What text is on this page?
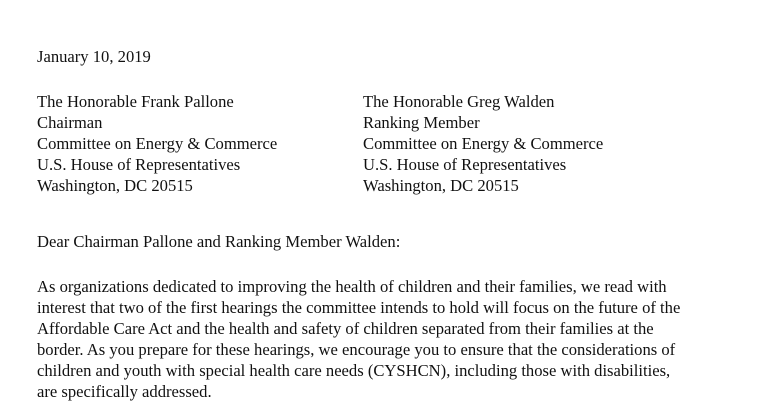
January 10, 2019
The Honorable Frank Pallone
Chairman
Committee on Energy & Commerce
U.S. House of Representatives
Washington, DC 20515
The Honorable Greg Walden
Ranking Member
Committee on Energy & Commerce
U.S. House of Representatives
Washington, DC 20515
Dear Chairman Pallone and Ranking Member Walden:
As organizations dedicated to improving the health of children and their families, we read with
interest that two of the first hearings the committee intends to hold will focus on the future of the
Affordable Care Act and the health and safety of children separated from their families at the
border. As you prepare for these hearings, we encourage you to ensure that the considerations of
children and youth with special health care needs (CYSHCN), including those with disabilities,
are specifically addressed.
